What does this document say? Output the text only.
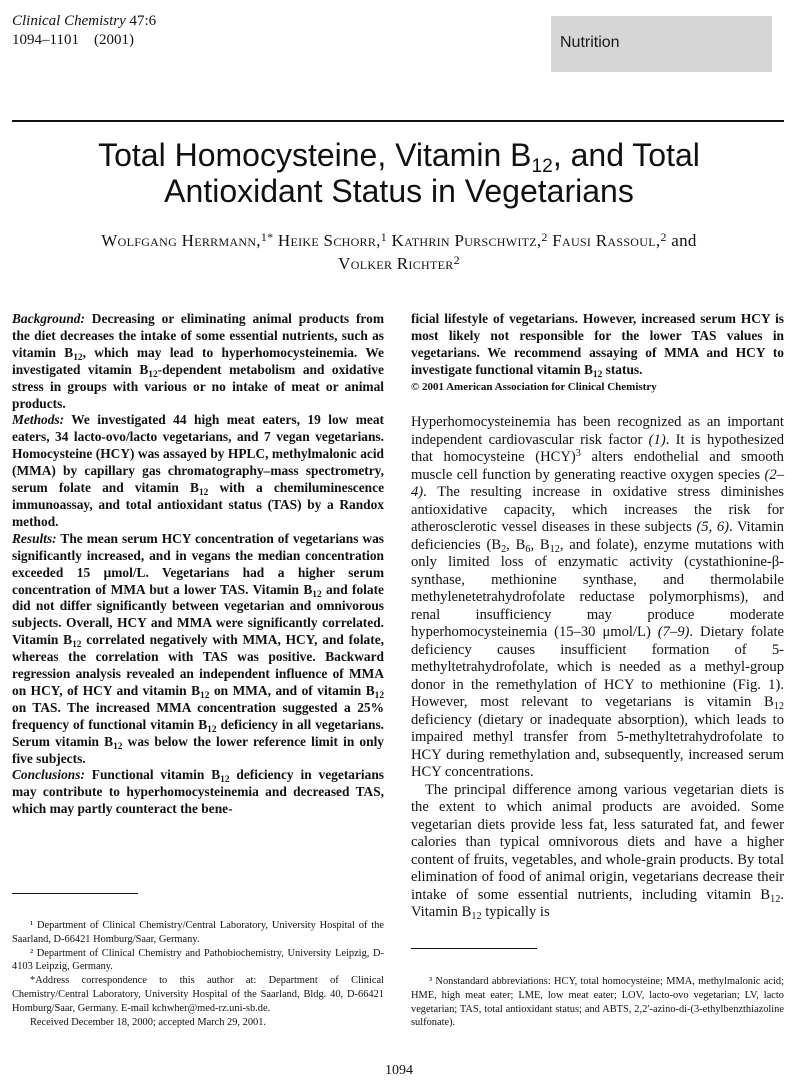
Clinical Chemistry 47:6
1094–1101 (2001)	Nutrition
Total Homocysteine, Vitamin $B_{12}$, and Total
Antioxidant Status in Vegetarians
Wolfgang Herrmann,$^{1*}$ Heike Schorr,$^1$ Kathrin Purschwitz,$^2$ Fausi Rassoul,$^2$ and
Volker Richter$^2$

Background: Decreasing or eliminating animal products from the diet decreases the intake of some essential nutrients, such as vitamin $B_{12}$, which may lead to hyperhomocysteinemia. We investigated vitamin $B_{12}$-dependent metabolism and oxidative stress in groups with various or no intake of meat or animal products.

Methods: We investigated 44 high meat eaters, 19 low meat eaters, 34 lacto-ovo/lacto vegetarians, and 7 vegan vegetarians. Homocysteine (HCY) was assayed by HPLC, methylmalonic acid (MMA) by capillary gas chromatography–mass spectrometry, serum folate and vitamin $B_{12}$ with a chemiluminescence immunoassay, and total antioxidant status (TAS) by a Randox method.

Results: The mean serum HCY concentration of vegetarians was significantly increased, and in vegans the median concentration exceeded 15 μmol/L. Vegetarians had a higher serum concentration of MMA but a lower TAS. Vitamin $B_{12}$ and folate did not differ significantly between vegetarian and omnivorous subjects. Overall, HCY and MMA were significantly correlated. Vitamin $B_{12}$ correlated negatively with MMA, HCY, and folate, whereas the correlation with TAS was positive. Backward regression analysis revealed an independent influence of MMA on HCY, of HCY and vitamin $B_{12}$ on MMA, and of vitamin $B_{12}$ on TAS. The increased MMA concentration suggested a 25% frequency of functional vitamin $B_{12}$ deficiency in all vegetarians. Serum vitamin $B_{12}$ was below the lower reference limit in only five subjects.

Conclusions: Functional vitamin $B_{12}$ deficiency in vegetarians may contribute to hyperhomocysteinemia and decreased TAS, which may partly counteract the bene-

ficial lifestyle of vegetarians. However, increased serum HCY is most likely not responsible for the lower TAS values in vegetarians. We recommend assaying of MMA and HCY to investigate functional vitamin $B_{12}$ status.

© 2001 American Association for Clinical Chemistry

Hyperhomocysteinemia has been recognized as an important independent cardiovascular risk factor (1). It is hypothesized that homocysteine (HCY)$^3$ alters endothelial and smooth muscle cell function by generating reactive oxygen species (2–4). The resulting increase in oxidative stress diminishes antioxidative capacity, which increases the risk for atherosclerotic vessel diseases in these subjects (5, 6). Vitamin deficiencies ($B_2$, $B_6$, $B_{12}$, and folate), enzyme mutations with only limited loss of enzymatic activity (cystathionine-β-synthase, methionine synthase, and thermolabile methylenetetrahydrofolate reductase polymorphisms), and renal insufficiency may produce moderate hyperhomocysteinemia (15–30 μmol/L) (7–9). Dietary folate deficiency causes insufficient formation of 5-methyltetrahydrofolate, which is needed as a methyl-group donor in the remethylation of HCY to methionine (Fig. 1). However, most relevant to vegetarians is vitamin $B_{12}$ deficiency (dietary or inadequate absorption), which leads to impaired methyl transfer from 5-methyltetrahydrofolate to HCY during remethylation and, subsequently, increased serum HCY concentrations.

The principal difference among various vegetarian diets is the extent to which animal products are avoided. Some vegetarian diets provide less fat, less saturated fat, and fewer calories than typical omnivorous diets and have a higher content of fruits, vegetables, and whole-grain products. By total elimination of food of animal origin, vegetarians decrease their intake of some essential nutrients, including vitamin $B_{12}$. Vitamin $B_{12}$ typically is

¹ Department of Clinical Chemistry/Central Laboratory, University Hospital of the Saarland, D-66421 Homburg/Saar, Germany.

² Department of Clinical Chemistry and Pathobiochemistry, University Leipzig, D-4103 Leipzig, Germany.

*Address correspondence to this author at: Department of Clinical Chemistry/Central Laboratory, University Hospital of the Saarland, Bldg. 40, D-66421 Homburg/Saar, Germany. E-mail kchwher@med-rz.uni-sb.de.

Received December 18, 2000; accepted March 29, 2001.

³ Nonstandard abbreviations: HCY, total homocysteine; MMA, methylmalonic acid; HME, high meat eater; LME, low meat eater; LOV, lacto-ovo vegetarian; LV, lacto vegetarian; TAS, total antioxidant status; and ABTS, 2,2′-azino-di-(3-ethylbenzthiazoline sulfonate).

1094
